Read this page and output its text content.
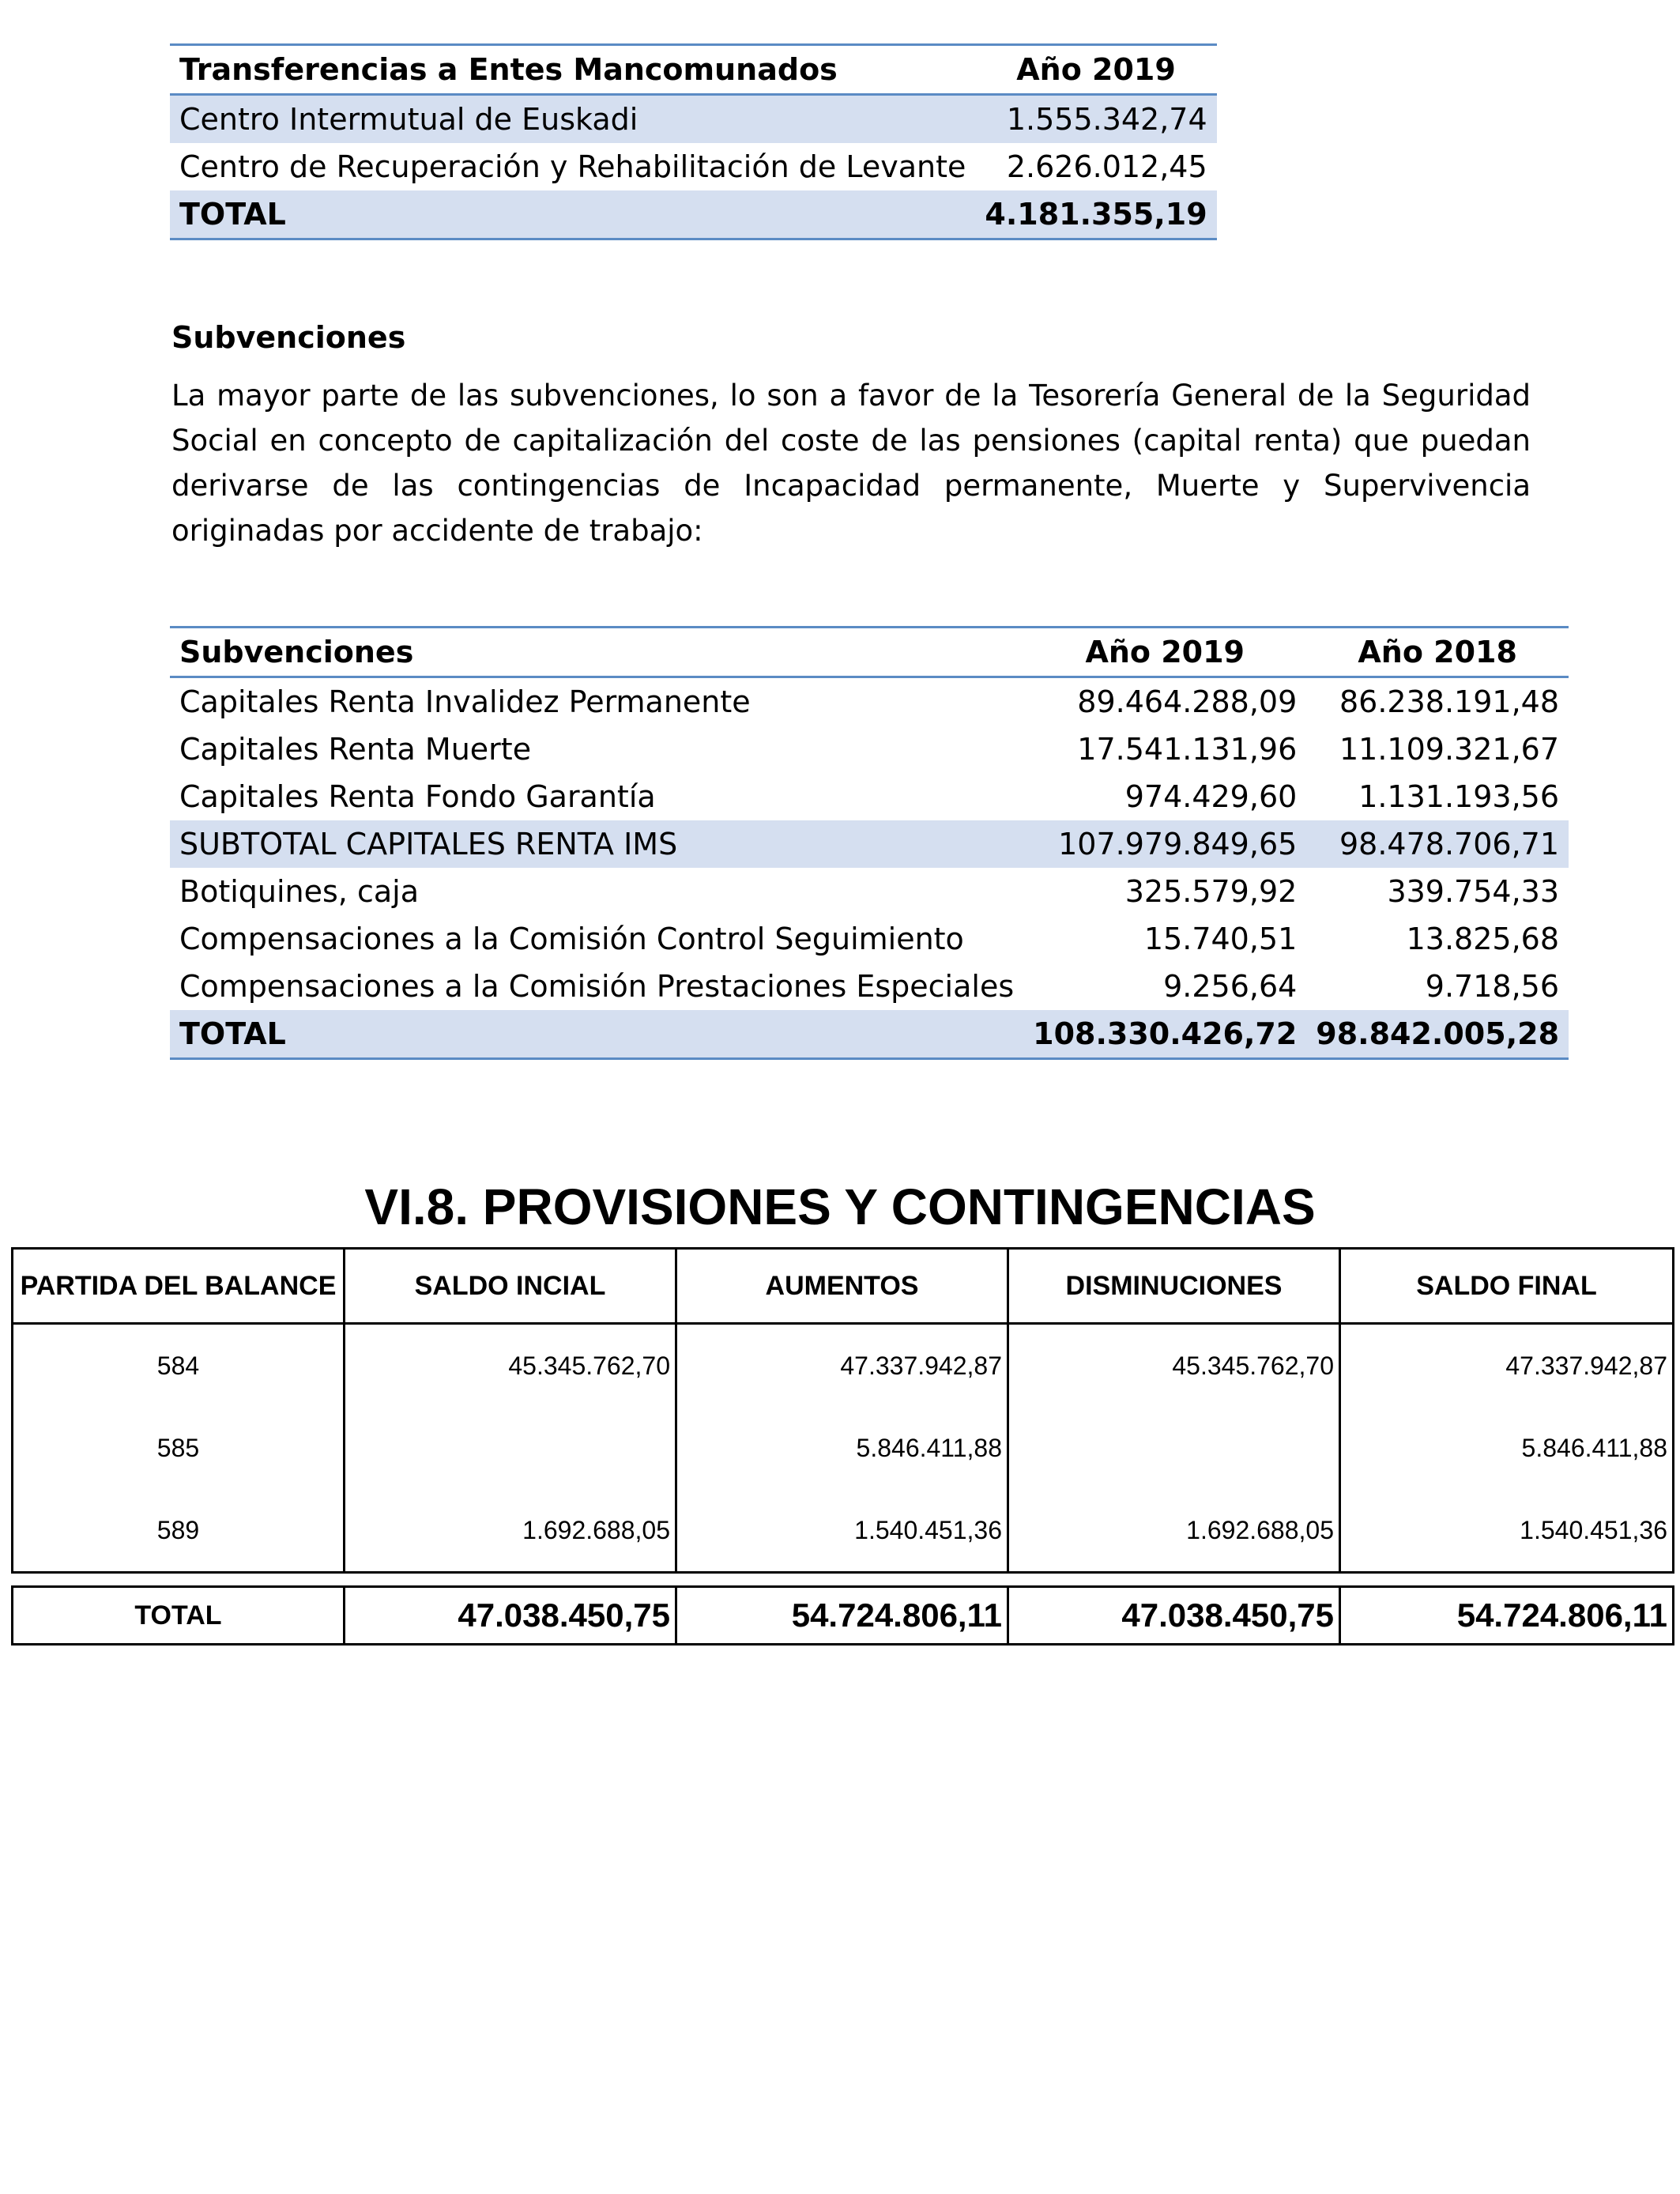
Transferencias a Entes Mancomunados	Año 2019
Centro Intermutual de Euskadi	1.555.342,74
Centro de Recuperación y Rehabilitación de Levante	2.626.012,45
TOTAL	4.181.355,19
Subvenciones
La mayor parte de las subvenciones, lo son a favor de la Tesorería General de la Seguridad Social en concepto de capitalización del coste de las pensiones (capital renta) que puedan derivarse de las contingencias de Incapacidad permanente, Muerte y Supervivencia originadas por accidente de trabajo:
Subvenciones	Año 2019	Año 2018
Capitales Renta Invalidez Permanente	89.464.288,09	86.238.191,48
Capitales Renta Muerte	17.541.131,96	11.109.321,67
Capitales Renta Fondo Garantía	974.429,60	1.131.193,56
SUBTOTAL CAPITALES RENTA IMS	107.979.849,65	98.478.706,71
Botiquines, caja	325.579,92	339.754,33
Compensaciones a la Comisión Control Seguimiento	15.740,51	13.825,68
Compensaciones a la Comisión Prestaciones Especiales	9.256,64	9.718,56
TOTAL	108.330.426,72	98.842.005,28
VI.8. PROVISIONES Y CONTINGENCIAS
PARTIDA DEL BALANCE	SALDO INCIAL	AUMENTOS	DISMINUCIONES	SALDO FINAL
584	45.345.762,70	47.337.942,87	45.345.762,70	47.337.942,87
585		5.846.411,88		5.846.411,88
589	1.692.688,05	1.540.451,36	1.692.688,05	1.540.451,36
TOTAL	47.038.450,75	54.724.806,11	47.038.450,75	54.724.806,11
